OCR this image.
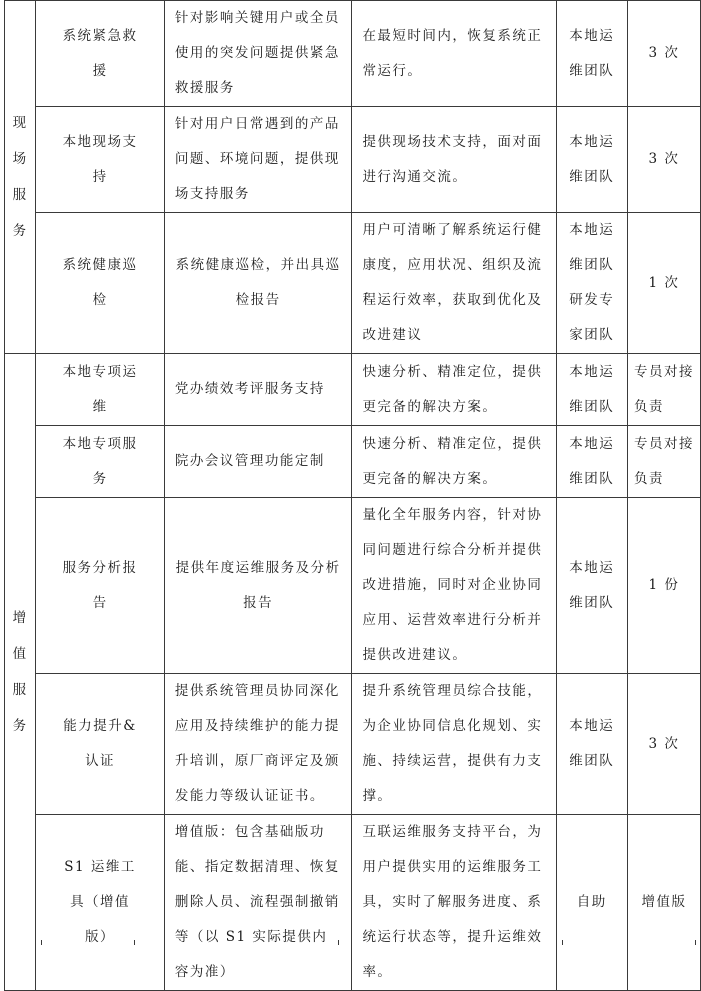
现场服务	系统紧急救援	针对影响关键用户或全员使用的突发问题提供紧急救援服务	在最短时间内，恢复系统正常运行。	本地运维团队	3 次
	本地现场支持	针对用户日常遇到的产品问题、环境问题，提供现场支持服务	提供现场技术支持，面对面进行沟通交流。	本地运维团队	3 次
	系统健康巡检	系统健康巡检，并出具巡检报告	用户可清晰了解系统运行健康度，应用状况、组织及流程运行效率，获取到优化及改进建议	本地运维团队研发专家团队	1 次
增值服务	本地专项运维	党办绩效考评服务支持	快速分析、精准定位，提供更完备的解决方案。	本地运维团队	专员对接负责
	本地专项服务	院办会议管理功能定制	快速分析、精准定位，提供更完备的解决方案。	本地运维团队	专员对接负责
	服务分析报告	提供年度运维服务及分析报告	量化全年服务内容，针对协同问题进行综合分析并提供改进措施，同时对企业协同应用、运营效率进行分析并提供改进建议。	本地运维团队	1 份
	能力提升&认证	提供系统管理员协同深化应用及持续维护的能力提升培训，原厂商评定及颁发能力等级认证证书。	提升系统管理员综合技能，为企业协同信息化规划、实施、持续运营，提供有力支撑。	本地运维团队	3 次
	S1 运维工具（增值版）	增值版：包含基础版功能、指定数据清理、恢复删除人员、流程强制撤销等（以 S1 实际提供内容为准）	互联运维服务支持平台，为用户提供实用的运维服务工具，实时了解服务进度、系统运行状态等，提升运维效率。	自助	增值版
